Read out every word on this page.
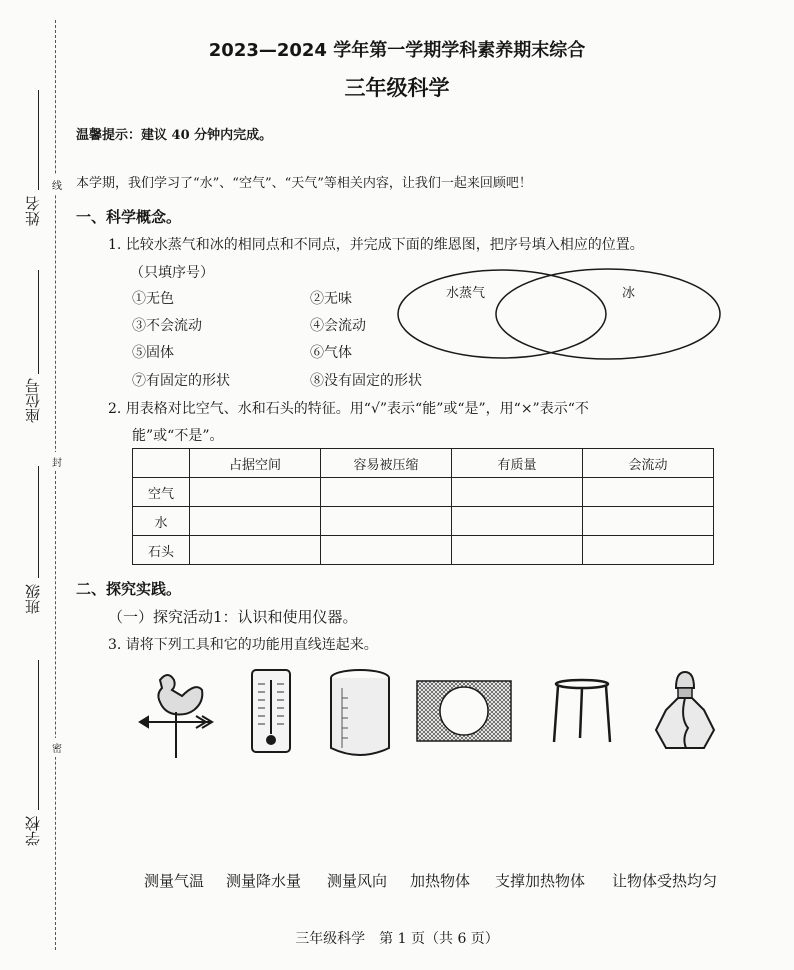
线
封
密
姓名
座位号
班级
学校
2023—2024 学年第一学期学科素养期末综合
三年级科学
温馨提示：建议 40 分钟内完成。
本学期，我们学习了“水”、“空气”、“天气”等相关内容，让我们一起来回顾吧！
一、科学概念。
1. 比较水蒸气和冰的相同点和不同点，并完成下面的维恩图，把序号填入相应的位置。
（只填序号）
①无色	②无味
③不会流动	④会流动
⑤固体	⑥气体
⑦有固定的形状	⑧没有固定的形状
水蒸气	冰
2. 用表格对比空气、水和石头的特征。用“√”表示“能”或“是”，用“×”表示“不
能”或“不是”。
	占据空间	容易被压缩	有质量	会流动
空气				
水				
石头				
二、探究实践。
（一）探究活动1：认识和使用仪器。
3. 请将下列工具和它的功能用直线连起来。
测量气温 测量降水量 测量风向 加热物体 支撑加热物体 让物体受热均匀
三年级科学　第 1 页（共 6 页）
